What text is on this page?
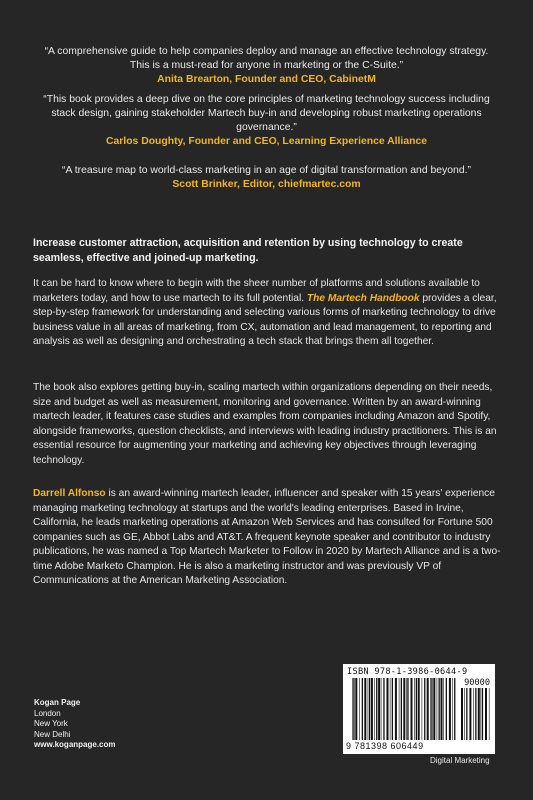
“A comprehensive guide to help companies deploy and manage an effective technology strategy. This is a must-read for anyone in marketing or the C-Suite.”
Anita Brearton, Founder and CEO, CabinetM
“This book provides a deep dive on the core principles of marketing technology success including stack design, gaining stakeholder Martech buy-in and developing robust marketing operations governance.”
Carlos Doughty, Founder and CEO, Learning Experience Alliance
“A treasure map to world-class marketing in an age of digital transformation and beyond.”
Scott Brinker, Editor, chiefmartec.com
Increase customer attraction, acquisition and retention by using technology to create seamless, effective and joined-up marketing.
It can be hard to know where to begin with the sheer number of platforms and solutions available to marketers today, and how to use martech to its full potential. The Martech Handbook provides a clear, step-by-step framework for understanding and selecting various forms of marketing technology to drive business value in all areas of marketing, from CX, automation and lead management, to reporting and analysis as well as designing and orchestrating a tech stack that brings them all together.
The book also explores getting buy-in, scaling martech within organizations depending on their needs, size and budget as well as measurement, monitoring and governance. Written by an award-winning martech leader, it features case studies and examples from companies including Amazon and Spotify, alongside frameworks, question checklists, and interviews with leading industry practitioners. This is an essential resource for augmenting your marketing and achieving key objectives through leveraging technology.
Darrell Alfonso is an award-winning martech leader, influencer and speaker with 15 years' experience managing marketing technology at startups and the world's leading enterprises. Based in Irvine, California, he leads marketing operations at Amazon Web Services and has consulted for Fortune 500 companies such as GE, Abbot Labs and AT&T. A frequent keynote speaker and contributor to industry publications, he was named a Top Martech Marketer to Follow in 2020 by Martech Alliance and is a two-time Adobe Marketo Champion. He is also a marketing instructor and was previously VP of Communications at the American Marketing Association.
Kogan Page
London
New York
New Delhi
www.koganpage.com
ISBN 978-1-3986-0644-9
90000
9 781398 606449
Digital Marketing
